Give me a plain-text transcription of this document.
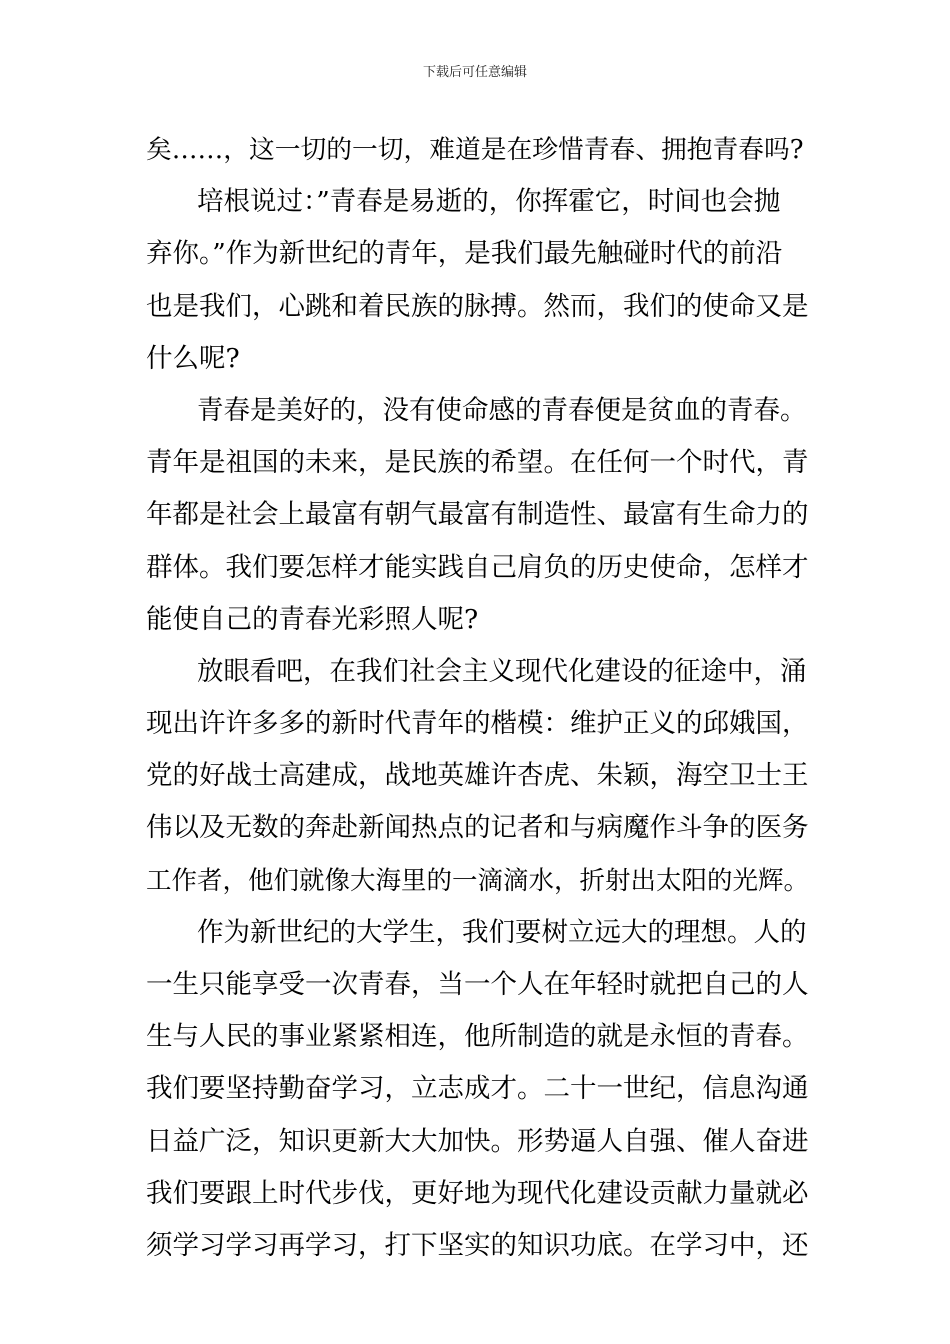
下载后可任意编辑
矣……，这一切的一切，难道是在珍惜青春、拥抱青春吗?
培根说过：”青春是易逝的，你挥霍它，时间也会抛
弃你。”作为新世纪的青年，是我们最先触碰时代的前沿
也是我们，心跳和着民族的脉搏。然而，我们的使命又是
什么呢?
青春是美好的，没有使命感的青春便是贫血的青春。
青年是祖国的未来，是民族的希望。在任何一个时代，青
年都是社会上最富有朝气最富有制造性、最富有生命力的
群体。我们要怎样才能实践自己肩负的历史使命，怎样才
能使自己的青春光彩照人呢?
放眼看吧，在我们社会主义现代化建设的征途中，涌
现出许许多多的新时代青年的楷模：维护正义的邱娥国，
党的好战士高建成，战地英雄许杏虎、朱颖，海空卫士王
伟以及无数的奔赴新闻热点的记者和与病魔作斗争的医务
工作者，他们就像大海里的一滴滴水，折射出太阳的光辉。
作为新世纪的大学生，我们要树立远大的理想。人的
一生只能享受一次青春，当一个人在年轻时就把自己的人
生与人民的事业紧紧相连，他所制造的就是永恒的青春。
我们要坚持勤奋学习，立志成才。二十一世纪，信息沟通
日益广泛，知识更新大大加快。形势逼人自强、催人奋进
我们要跟上时代步伐，更好地为现代化建设贡献力量就必
须学习学习再学习，打下坚实的知识功底。在学习中，还
